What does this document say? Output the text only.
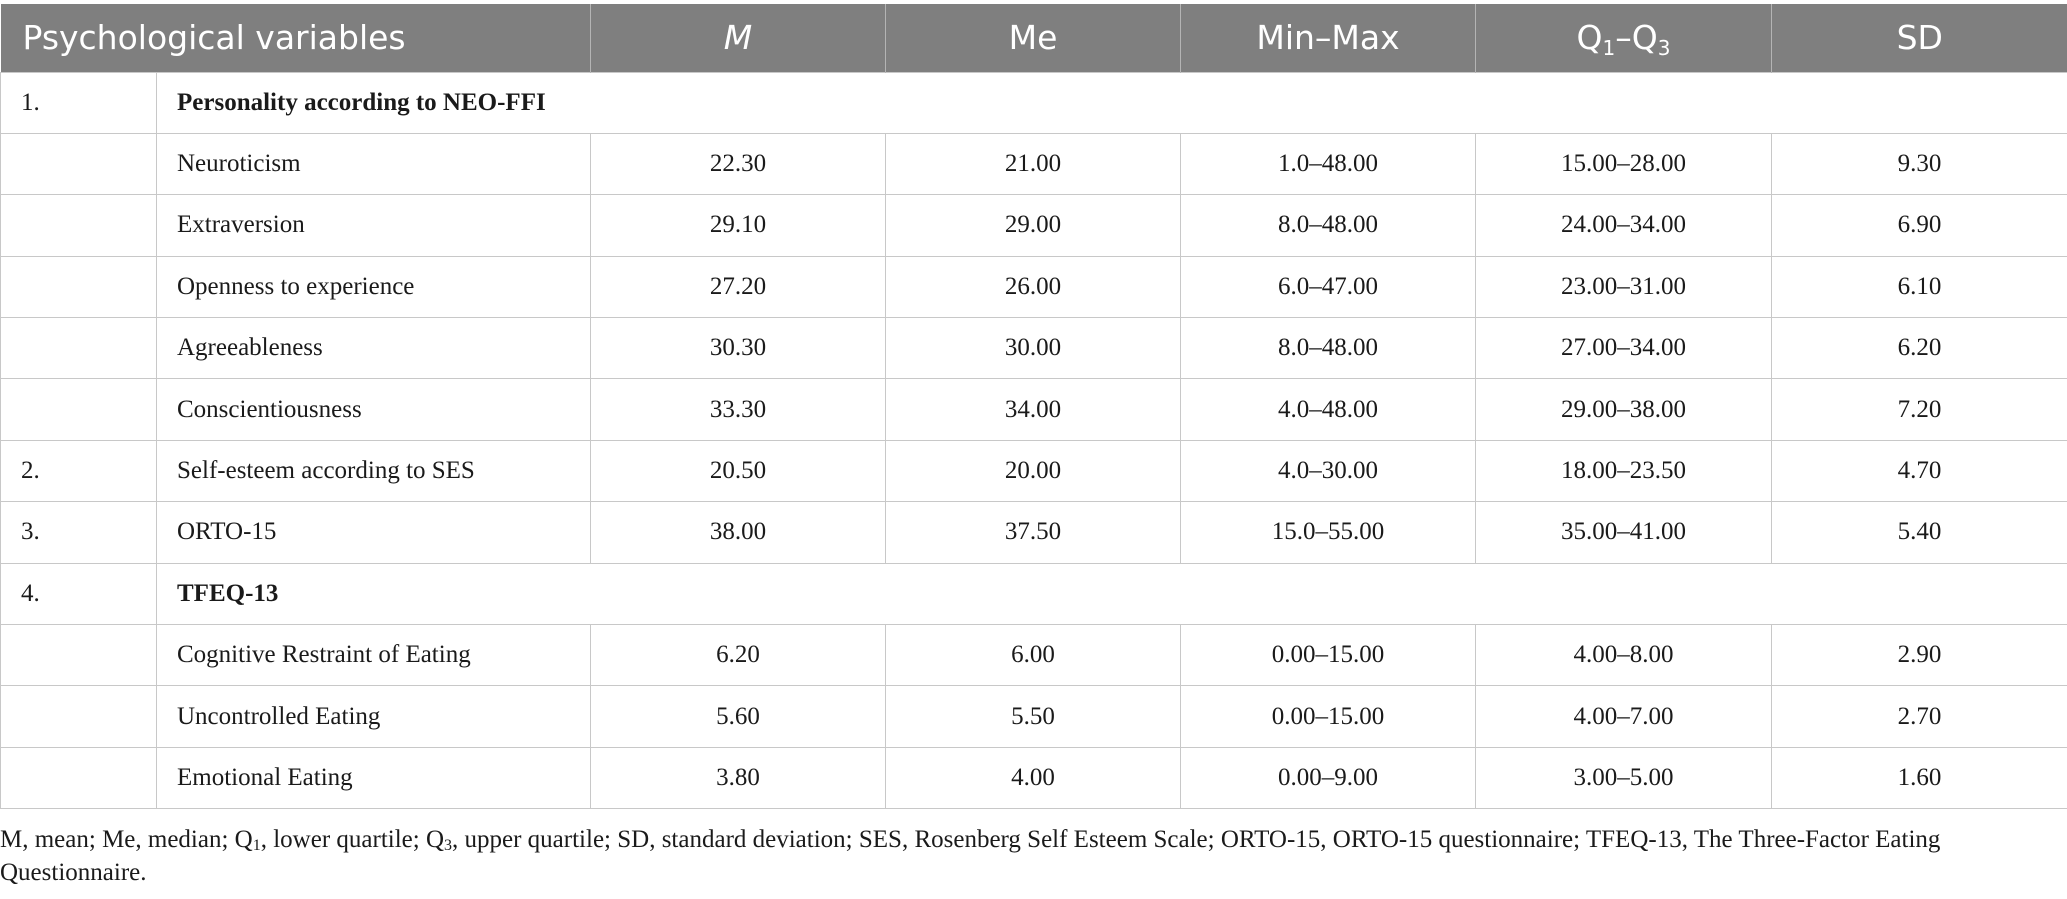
Psychological variables		M	Me	Min–Max	$Q_1-Q_3$	SD
1.	Personality according to NEO-FFI					
	Neuroticism	22.30	21.00	1.0–48.00	15.00–28.00	9.30
	Extraversion	29.10	29.00	8.0–48.00	24.00–34.00	6.90
	Openness to experience	27.20	26.00	6.0–47.00	23.00–31.00	6.10
	Agreeableness	30.30	30.00	8.0–48.00	27.00–34.00	6.20
	Conscientiousness	33.30	34.00	4.0–48.00	29.00–38.00	7.20
2.	Self-esteem according to SES	20.50	20.00	4.0–30.00	18.00–23.50	4.70
3.	ORTO-15	38.00	37.50	15.0–55.00	35.00–41.00	5.40
4.	TFEQ-13					
	Cognitive Restraint of Eating	6.20	6.00	0.00–15.00	4.00–8.00	2.90
	Uncontrolled Eating	5.60	5.50	0.00–15.00	4.00–7.00	2.70
	Emotional Eating	3.80	4.00	0.00–9.00	3.00–5.00	1.60
M, mean; Me, median; $Q_1$, lower quartile; $Q_3$, upper quartile; SD, standard deviation; SES, Rosenberg Self Esteem Scale; ORTO-15, ORTO-15 questionnaire; TFEQ-13, The Three-Factor Eating Questionnaire.
